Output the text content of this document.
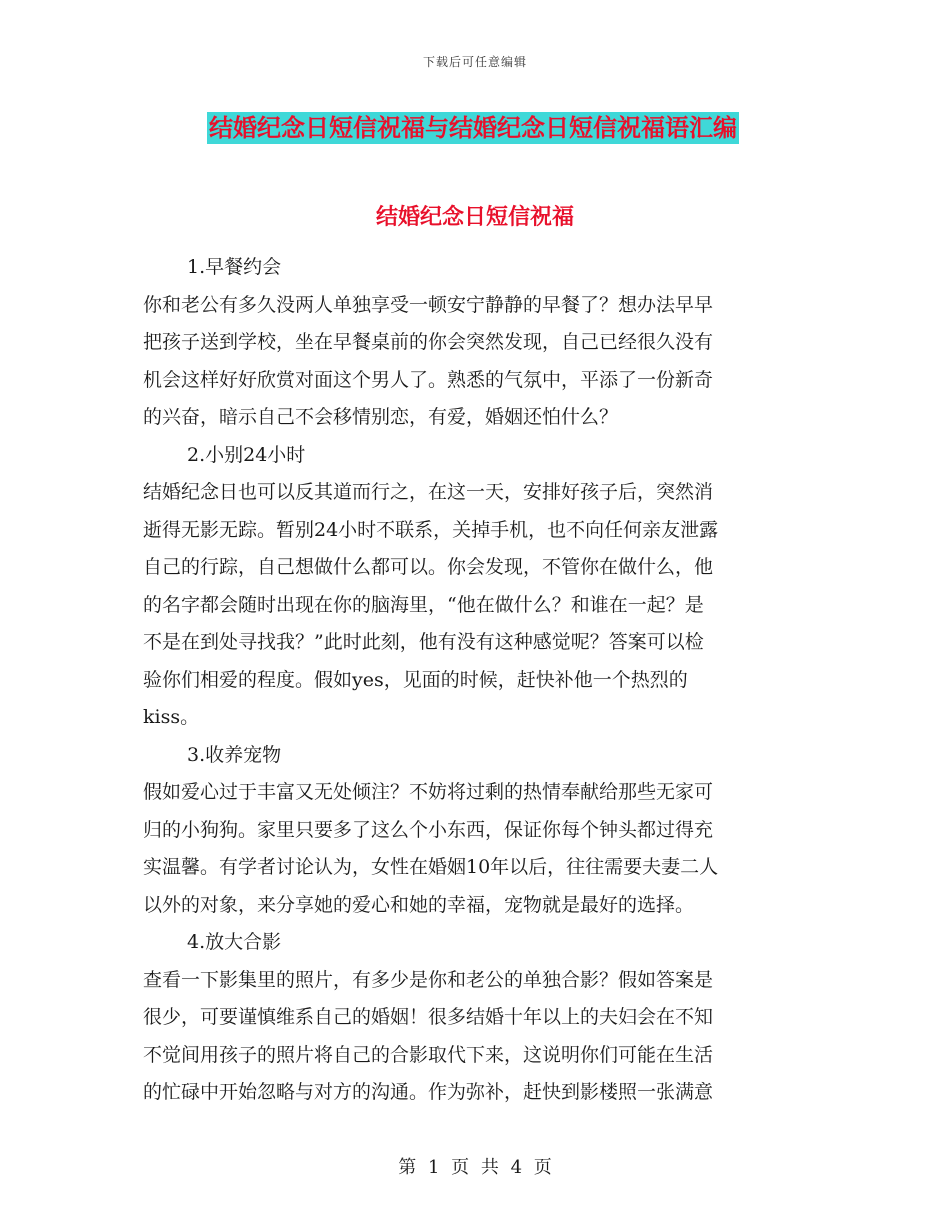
下载后可任意编辑
结婚纪念日短信祝福与结婚纪念日短信祝福语汇编
结婚纪念日短信祝福
1.早餐约会
你和老公有多久没两人单独享受一顿安宁静静的早餐了？想办法早早
把孩子送到学校，坐在早餐桌前的你会突然发现，自己已经很久没有
机会这样好好欣赏对面这个男人了。熟悉的气氛中，平添了一份新奇
的兴奋，暗示自己不会移情别恋，有爱，婚姻还怕什么？
2.小别24小时
结婚纪念日也可以反其道而行之，在这一天，安排好孩子后，突然消
逝得无影无踪。暂别24小时不联系，关掉手机，也不向任何亲友泄露
自己的行踪，自己想做什么都可以。你会发现，不管你在做什么，他
的名字都会随时出现在你的脑海里，“他在做什么？和谁在一起？是
不是在到处寻找我？”此时此刻，他有没有这种感觉呢？答案可以检
验你们相爱的程度。假如yes，见面的时候，赶快补他一个热烈的
kiss。
3.收养宠物
假如爱心过于丰富又无处倾注？不妨将过剩的热情奉献给那些无家可
归的小狗狗。家里只要多了这么个小东西，保证你每个钟头都过得充
实温馨。有学者讨论认为，女性在婚姻10年以后，往往需要夫妻二人
以外的对象，来分享她的爱心和她的幸福，宠物就是最好的选择。
4.放大合影
查看一下影集里的照片，有多少是你和老公的单独合影？假如答案是
很少，可要谨慎维系自己的婚姻！很多结婚十年以上的夫妇会在不知
不觉间用孩子的照片将自己的合影取代下来，这说明你们可能在生活
的忙碌中开始忽略与对方的沟通。作为弥补，赶快到影楼照一张满意
第 1 页 共 4 页
